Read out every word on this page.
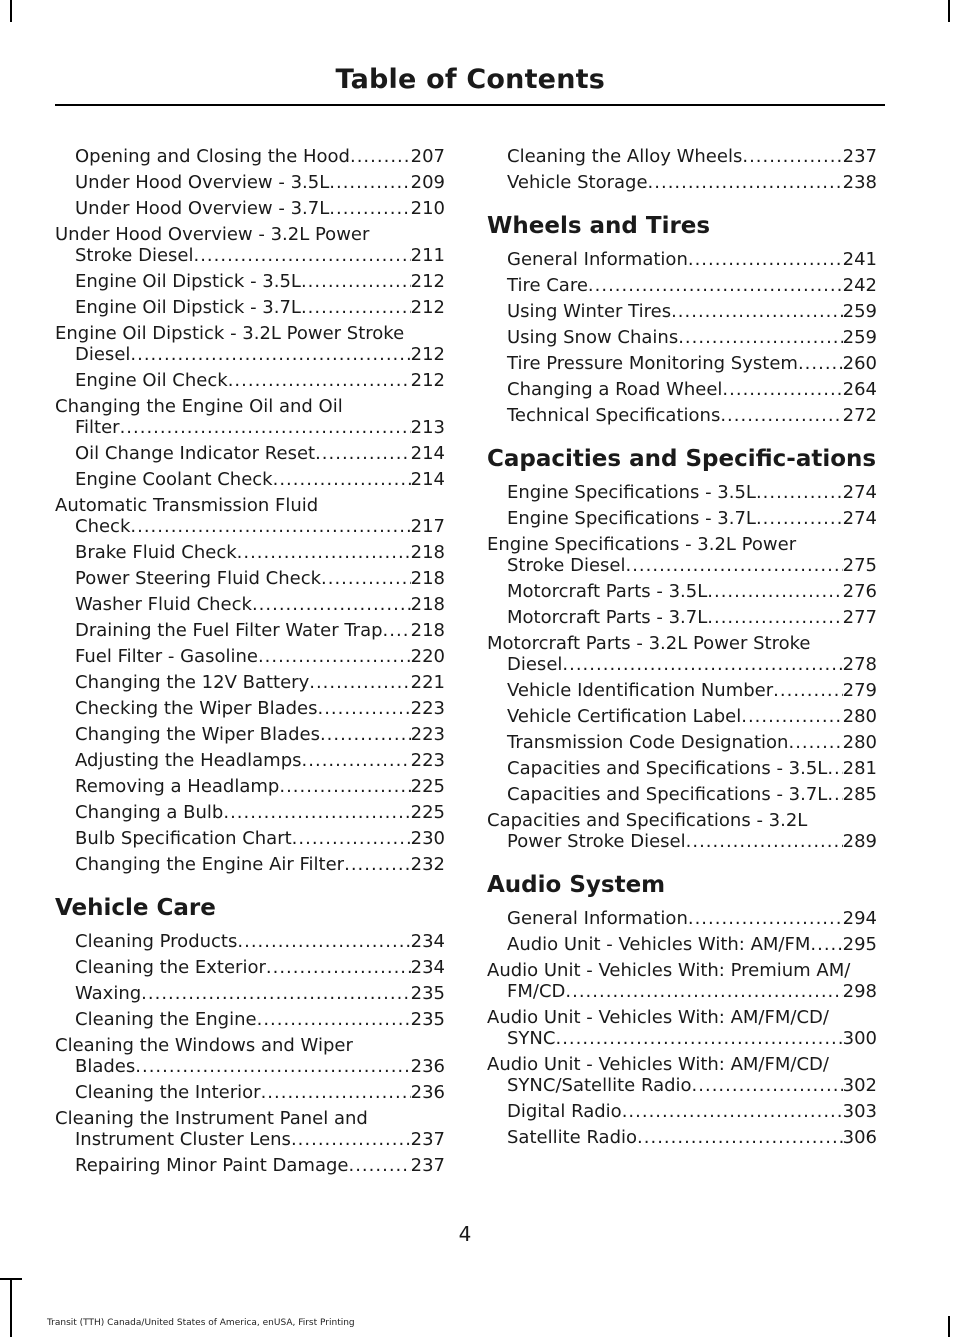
Table of Contents
Opening and Closing the Hood .....	207
Under Hood Overview - 3.5L .....	209
Under Hood Overview - 3.7L .....	210
Under Hood Overview - 3.2L Power
Stroke Diesel .....	211
Engine Oil Dipstick - 3.5L .....	212
Engine Oil Dipstick - 3.7L .....	212
Engine Oil Dipstick - 3.2L Power Stroke
Diesel .....	212
Engine Oil Check .....	212
Changing the Engine Oil and Oil
Filter .....	213
Oil Change Indicator Reset .....	214
Engine Coolant Check .....	214
Automatic Transmission Fluid
Check .....	217
Brake Fluid Check .....	218
Power Steering Fluid Check .....	218
Washer Fluid Check .....	218
Draining the Fuel Filter Water Trap ..... 218
Fuel Filter - Gasoline .....	220
Changing the 12V Battery .....	221
Checking the Wiper Blades .....	223
Changing the Wiper Blades .....	223
Adjusting the Headlamps .....	223
Removing a Headlamp .....	225
Changing a Bulb .....	225
Bulb Specification Chart .....	230
Changing the Engine Air Filter .....	232
Vehicle Care
Cleaning Products .....	234
Cleaning the Exterior .....	234
Waxing .....	235
Cleaning the Engine .....	235
Cleaning the Windows and Wiper
Blades .....	236
Cleaning the Interior .....	236
Cleaning the Instrument Panel and
Instrument Cluster Lens .....	237
Repairing Minor Paint Damage .....	237
Cleaning the Alloy Wheels .....	237
Vehicle Storage .....	238
Wheels and Tires
General Information .....	241
Tire Care .....	242
Using Winter Tires .....	259
Using Snow Chains .....	259
Tire Pressure Monitoring System ..... 260
Changing a Road Wheel .....	264
Technical Specifications .....	272
Capacities and Specific-ations
Engine Specifications - 3.5L .....	274
Engine Specifications - 3.7L .....	274
Engine Specifications - 3.2L Power
Stroke Diesel .....	275
Motorcraft Parts - 3.5L .....	276
Motorcraft Parts - 3.7L .....	277
Motorcraft Parts - 3.2L Power Stroke
Diesel .....	278
Vehicle Identification Number .....	279
Vehicle Certification Label .....	280
Transmission Code Designation .....	280
Capacities and Specifications - 3.5L ..... 281
Capacities and Specifications - 3.7L ..... 285
Capacities and Specifications - 3.2L
Power Stroke Diesel .....	289
Audio System
General Information .....	294
Audio Unit - Vehicles With: AM/FM ..... 295
Audio Unit - Vehicles With: Premium AM/
FM/CD .....	298
Audio Unit - Vehicles With: AM/FM/CD/
SYNC .....	300
Audio Unit - Vehicles With: AM/FM/CD/
SYNC/Satellite Radio .....	302
Digital Radio .....	303
Satellite Radio .....	306
4
Transit (TTH) Canada/United States of America, enUSA, First Printing
